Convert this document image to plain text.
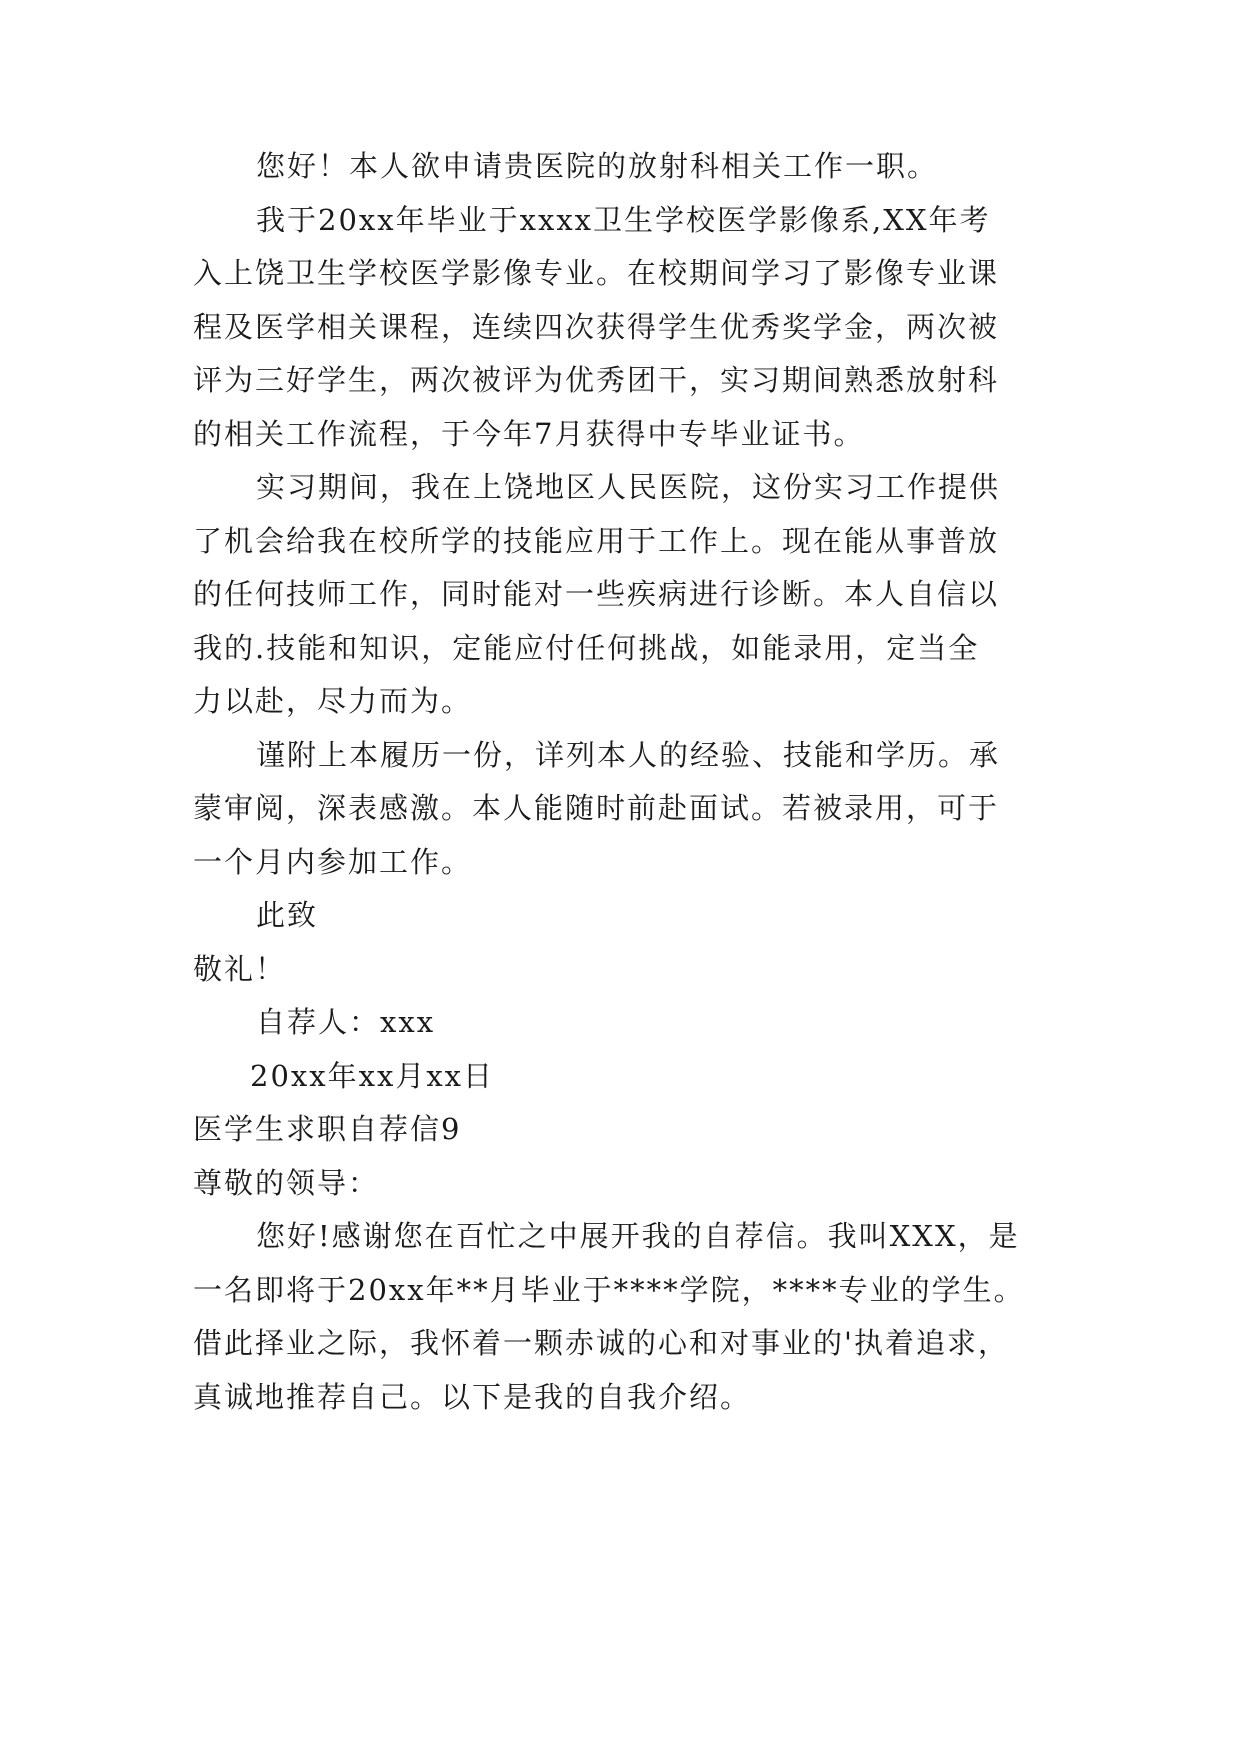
您好！本人欲申请贵医院的放射科相关工作一职。
我于20xx年毕业于xxxx卫生学校医学影像系,XX年考
入上饶卫生学校医学影像专业。在校期间学习了影像专业课
程及医学相关课程，连续四次获得学生优秀奖学金，两次被
评为三好学生，两次被评为优秀团干，实习期间熟悉放射科
的相关工作流程，于今年7月获得中专毕业证书。
实习期间，我在上饶地区人民医院，这份实习工作提供
了机会给我在校所学的技能应用于工作上。现在能从事普放
的任何技师工作，同时能对一些疾病进行诊断。本人自信以
我的.技能和知识，定能应付任何挑战，如能录用，定当全
力以赴，尽力而为。
谨附上本履历一份，详列本人的经验、技能和学历。承
蒙审阅，深表感激。本人能随时前赴面试。若被录用，可于
一个月内参加工作。
此致
敬礼！
自荐人：xxx
20xx年xx月xx日
医学生求职自荐信9
尊敬的领导：
您好!感谢您在百忙之中展开我的自荐信。我叫XXX，是
一名即将于20xx年**月毕业于****学院，****专业的学生。
借此择业之际，我怀着一颗赤诚的心和对事业的'执着追求，
真诚地推荐自己。以下是我的自我介绍。
